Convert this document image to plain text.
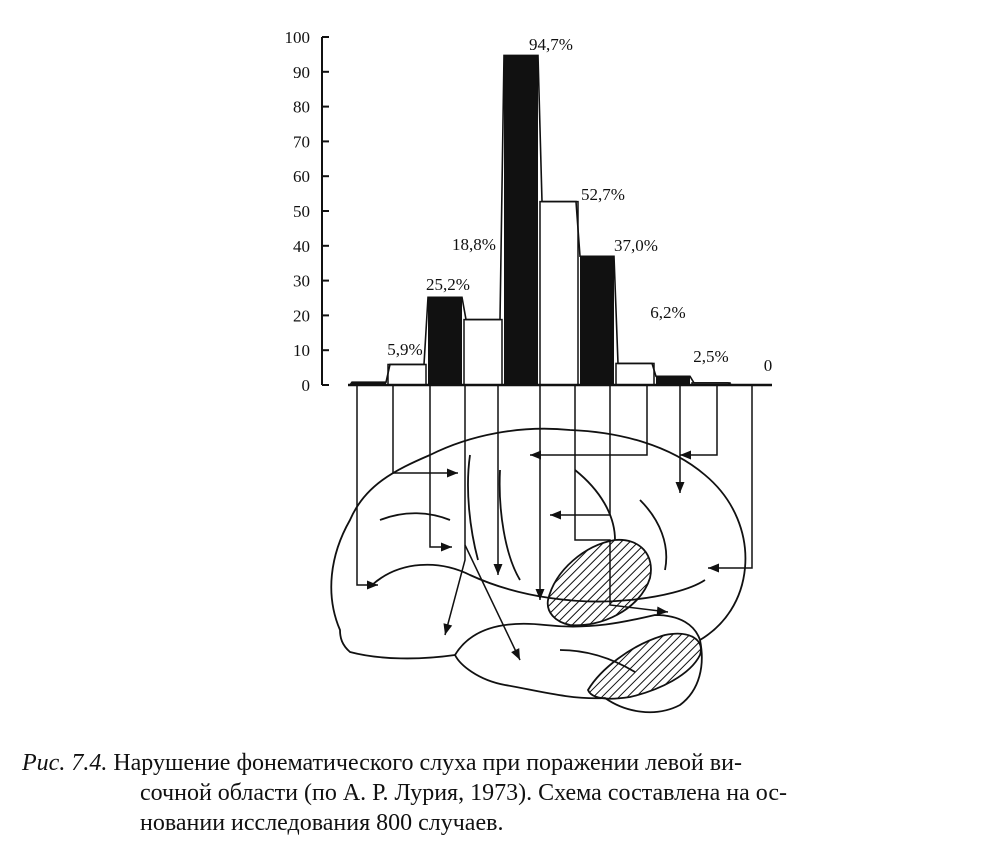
0
10
20
30
40
50
60
70
80
90
100
5,9%
25,2%
18,8%
94,7%
52,7%
37,0%
6,2%
2,5% 0
Рис. 7.4. Нарушение фонематического слуха при поражении левой ви-
сочной области (по А. Р. Лурия, 1973). Схема составлена на ос-
новании исследования 800 случаев.
